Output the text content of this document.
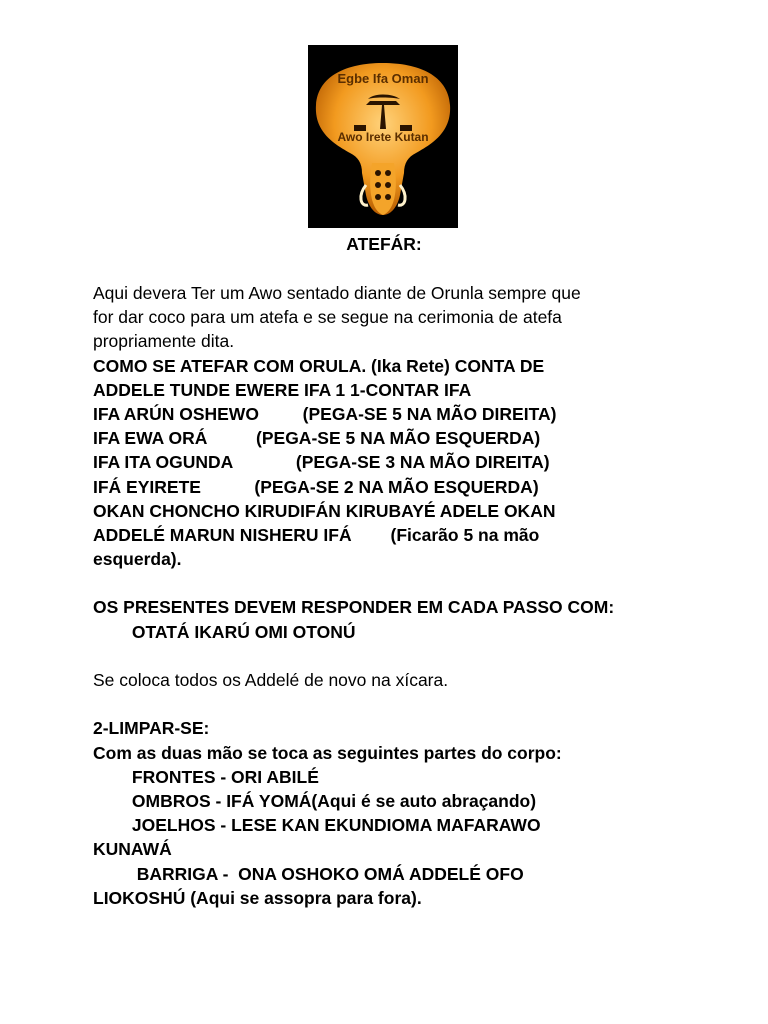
Egbe Ifa Oman
Awo Irete Kutan
ATEFÁR:
Aqui devera Ter um Awo sentado diante de Orunla sempre que
for dar coco para um atefa e se segue na cerimonia de atefa
propriamente dita.
COMO SE ATEFAR COM ORULA. (Ika Rete) CONTA DE
ADDELE TUNDE EWERE IFA 1 1-CONTAR IFA
IFA ARÚN OSHEWO         (PEGA-SE 5 NA MÃO DIREITA)
IFA EWA ORÁ          (PEGA-SE 5 NA MÃO ESQUERDA)
IFA ITA OGUNDA             (PEGA-SE 3 NA MÃO DIREITA)
IFÁ EYIRETE           (PEGA-SE 2 NA MÃO ESQUERDA)
OKAN CHONCHO KIRUDIFÁN KIRUBAYÉ ADELE OKAN
ADDELÉ MARUN NISHERU IFÁ        (Ficarão 5 na mão
esquerda).
OS PRESENTES DEVEM RESPONDER EM CADA PASSO COM:
OTATÁ IKARÚ OMI OTONÚ
Se coloca todos os Addelé de novo na xícara.
2-LIMPAR-SE:
Com as duas mão se toca as seguintes partes do corpo:
FRONTES - ORI ABILÉ
OMBROS - IFÁ YOMÁ(Aqui é se auto abraçando)
JOELHOS - LESE KAN EKUNDIOMA MAFARAWO
KUNAWÁ
BARRIGA -  ONA OSHOKO OMÁ ADDELÉ OFO
LIOKOSHÚ (Aqui se assopra para fora).
